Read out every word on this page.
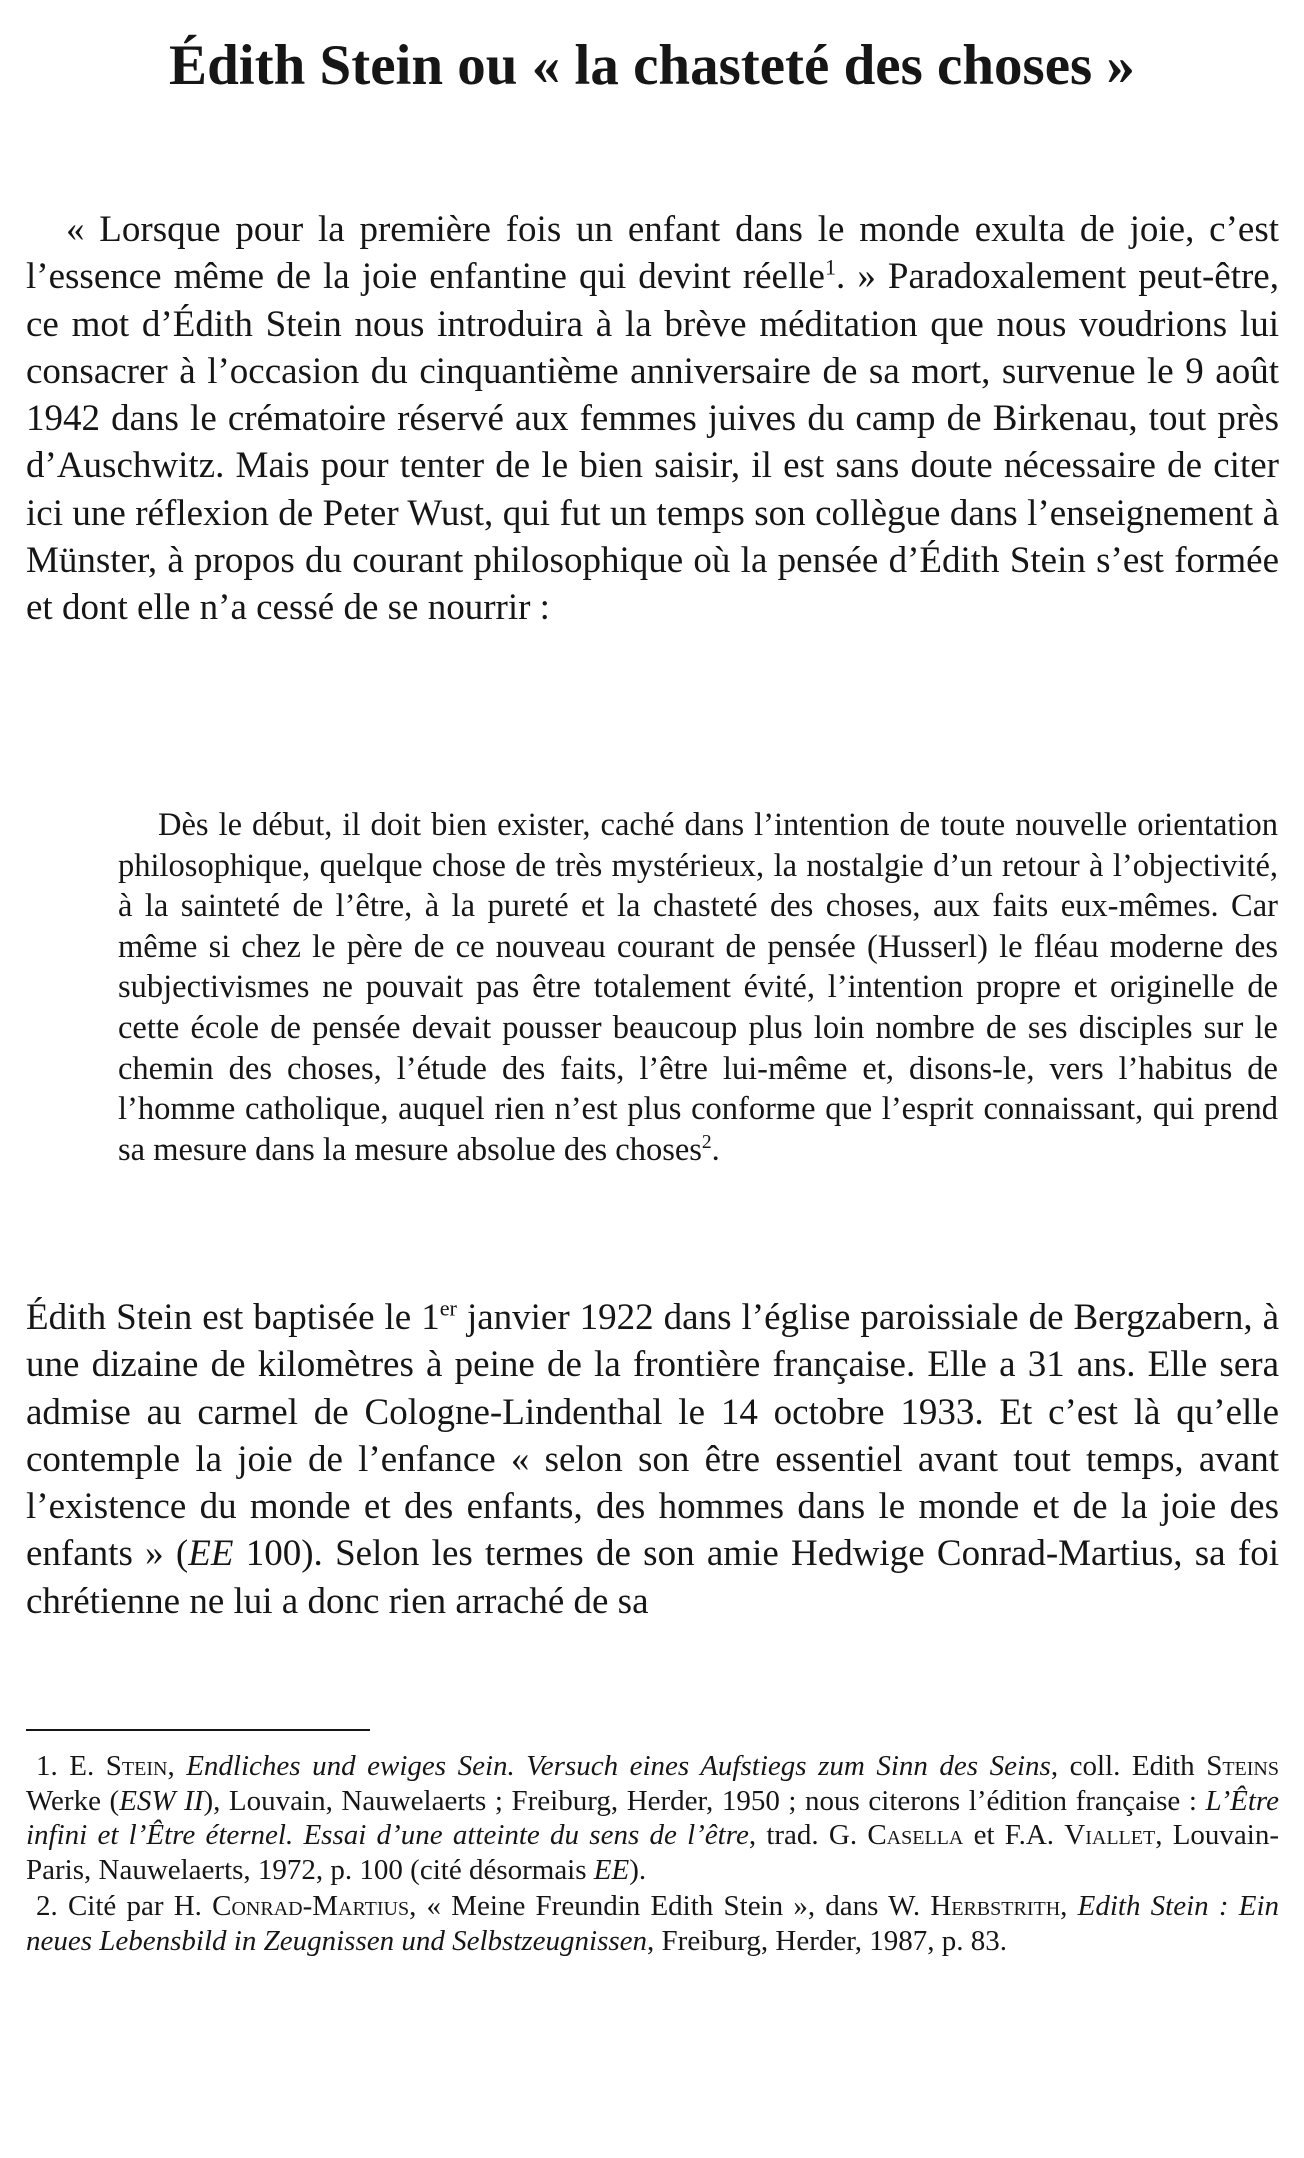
Édith Stein ou « la chasteté des choses »

« Lorsque pour la première fois un enfant dans le monde exulta de joie, c’est l’essence même de la joie enfantine qui devint réelle$^1$. » Paradoxalement peut-être, ce mot d’Édith Stein nous introduira à la brève méditation que nous voudrions lui consacrer à l’occasion du cinquantième anniversaire de sa mort, survenue le 9 août 1942 dans le crématoire réservé aux femmes juives du camp de Birkenau, tout près d’Auschwitz. Mais pour tenter de le bien saisir, il est sans doute nécessaire de citer ici une réflexion de Peter Wust, qui fut un temps son collègue dans l’enseignement à Münster, à propos du courant philosophique où la pensée d’Édith Stein s’est formée et dont elle n’a cessé de se nourrir :

Dès le début, il doit bien exister, caché dans l’intention de toute nouvelle orientation philosophique, quelque chose de très mystérieux, la nostalgie d’un retour à l’objectivité, à la sainteté de l’être, à la pureté et la chasteté des choses, aux faits eux-mêmes. Car même si chez le père de ce nouveau courant de pensée (Husserl) le fléau moderne des subjectivismes ne pouvait pas être totalement évité, l’intention propre et originelle de cette école de pensée devait pousser beaucoup plus loin nombre de ses disciples sur le chemin des choses, l’étude des faits, l’être lui-même et, disons-le, vers l’habitus de l’homme catholique, auquel rien n’est plus conforme que l’esprit connaissant, qui prend sa mesure dans la mesure absolue des choses$^2$.

Édith Stein est baptisée le 1er janvier 1922 dans l’église paroissiale de Bergzabern, à une dizaine de kilomètres à peine de la frontière française. Elle a 31 ans. Elle sera admise au carmel de Cologne-Lindenthal le 14 octobre 1933. Et c’est là qu’elle contemple la joie de l’enfance « selon son être essentiel avant tout temps, avant l’existence du monde et des enfants, des hommes dans le monde et de la joie des enfants » (EE 100). Selon les termes de son amie Hedwige Conrad-Martius, sa foi chrétienne ne lui a donc rien arraché de sa

1. E. Stein, Endliches und ewiges Sein. Versuch eines Aufstiegs zum Sinn des Seins, coll. Edith Steins Werke (ESW II), Louvain, Nauwelaerts ; Freiburg, Herder, 1950 ; nous citerons l’édition française : L’Être infini et l’Être éternel. Essai d’une atteinte du sens de l’être, trad. G. Casella et F.A. Viallet, Louvain-Paris, Nauwelaerts, 1972, p. 100 (cité désormais EE).

2. Cité par H. Conrad-Martius, « Meine Freundin Edith Stein », dans W. Herbstrith, Edith Stein : Ein neues Lebensbild in Zeugnissen und Selbstzeugnissen, Freiburg, Herder, 1987, p. 83.
